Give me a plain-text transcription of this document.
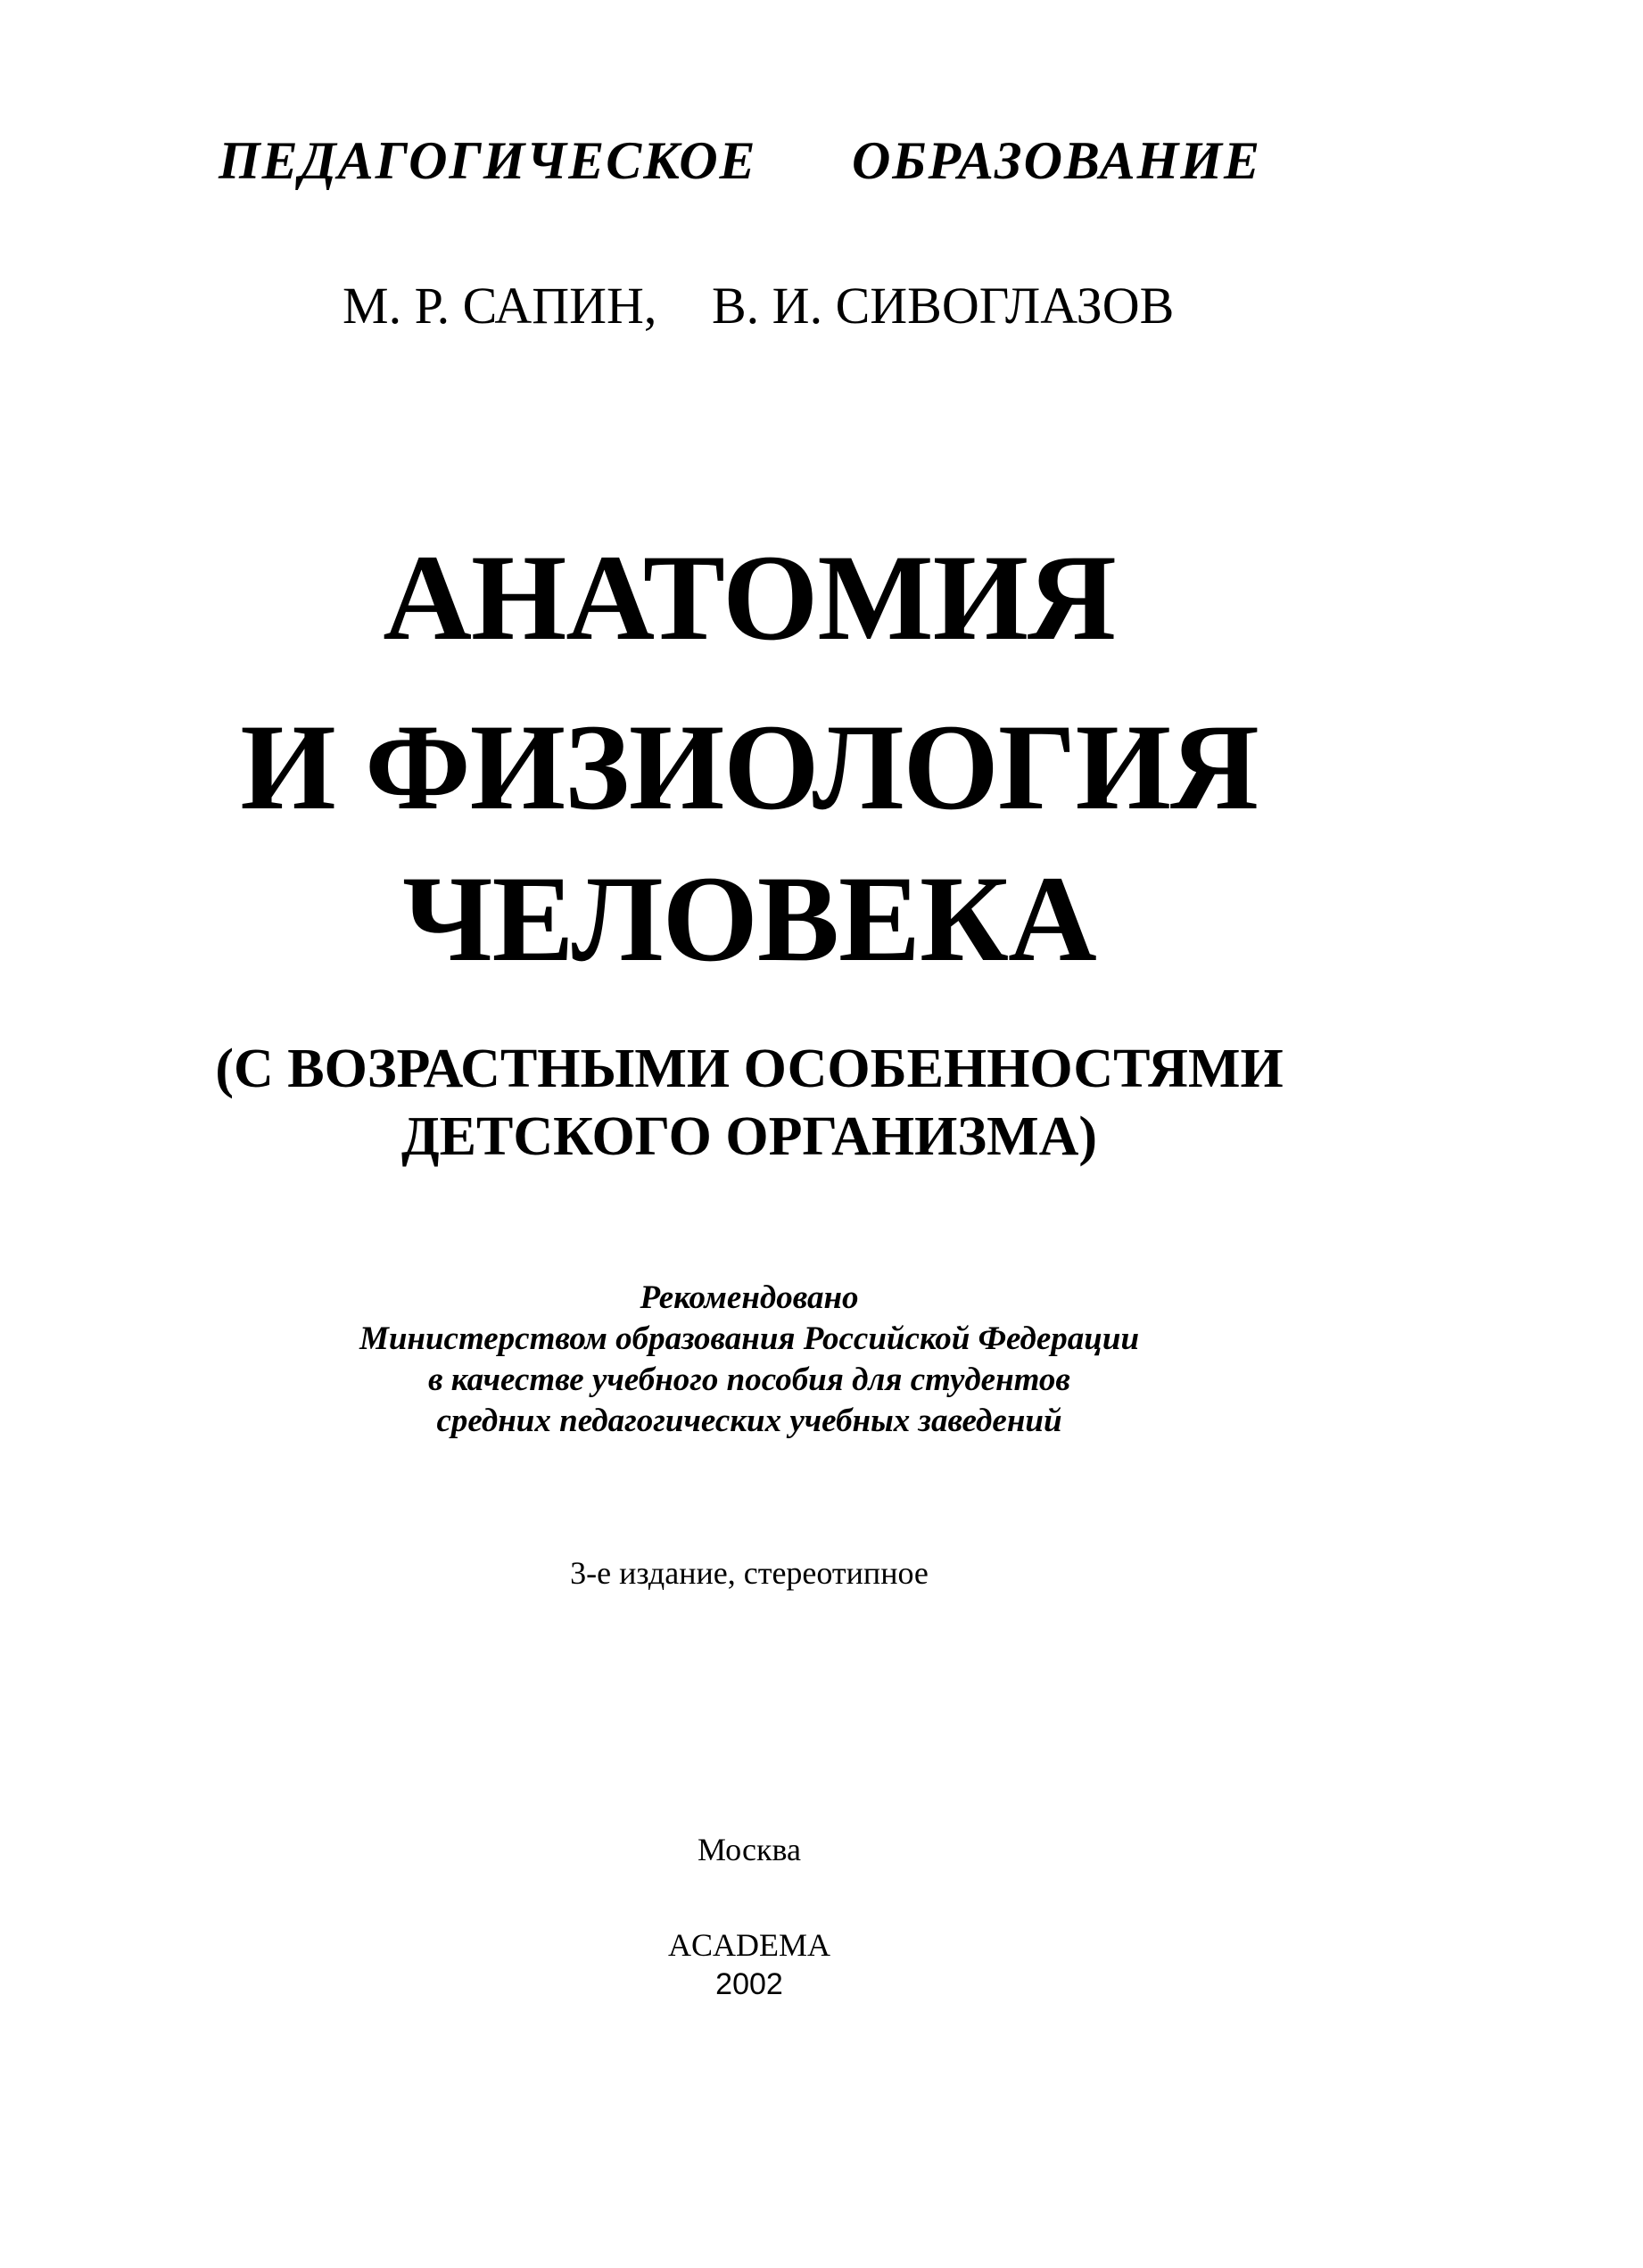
ПЕДАГОГИЧЕСКОЕ ОБРАЗОВАНИЕ

М. Р. САПИН, В. И. СИВОГЛАЗОВ

АНАТОМИЯ
И ФИЗИОЛОГИЯ
ЧЕЛОВЕКА

(С ВОЗРАСТНЫМИ ОСОБЕННОСТЯМИ

ДЕТСКОГО ОРГАНИЗМА)

Рекомендовано

Министерством образования Российской Федерации

в качестве учебного пособия для студентов

средних педагогических учебных заведений

3-е издание, стереотипное

Москва

ACADEMA

2002
